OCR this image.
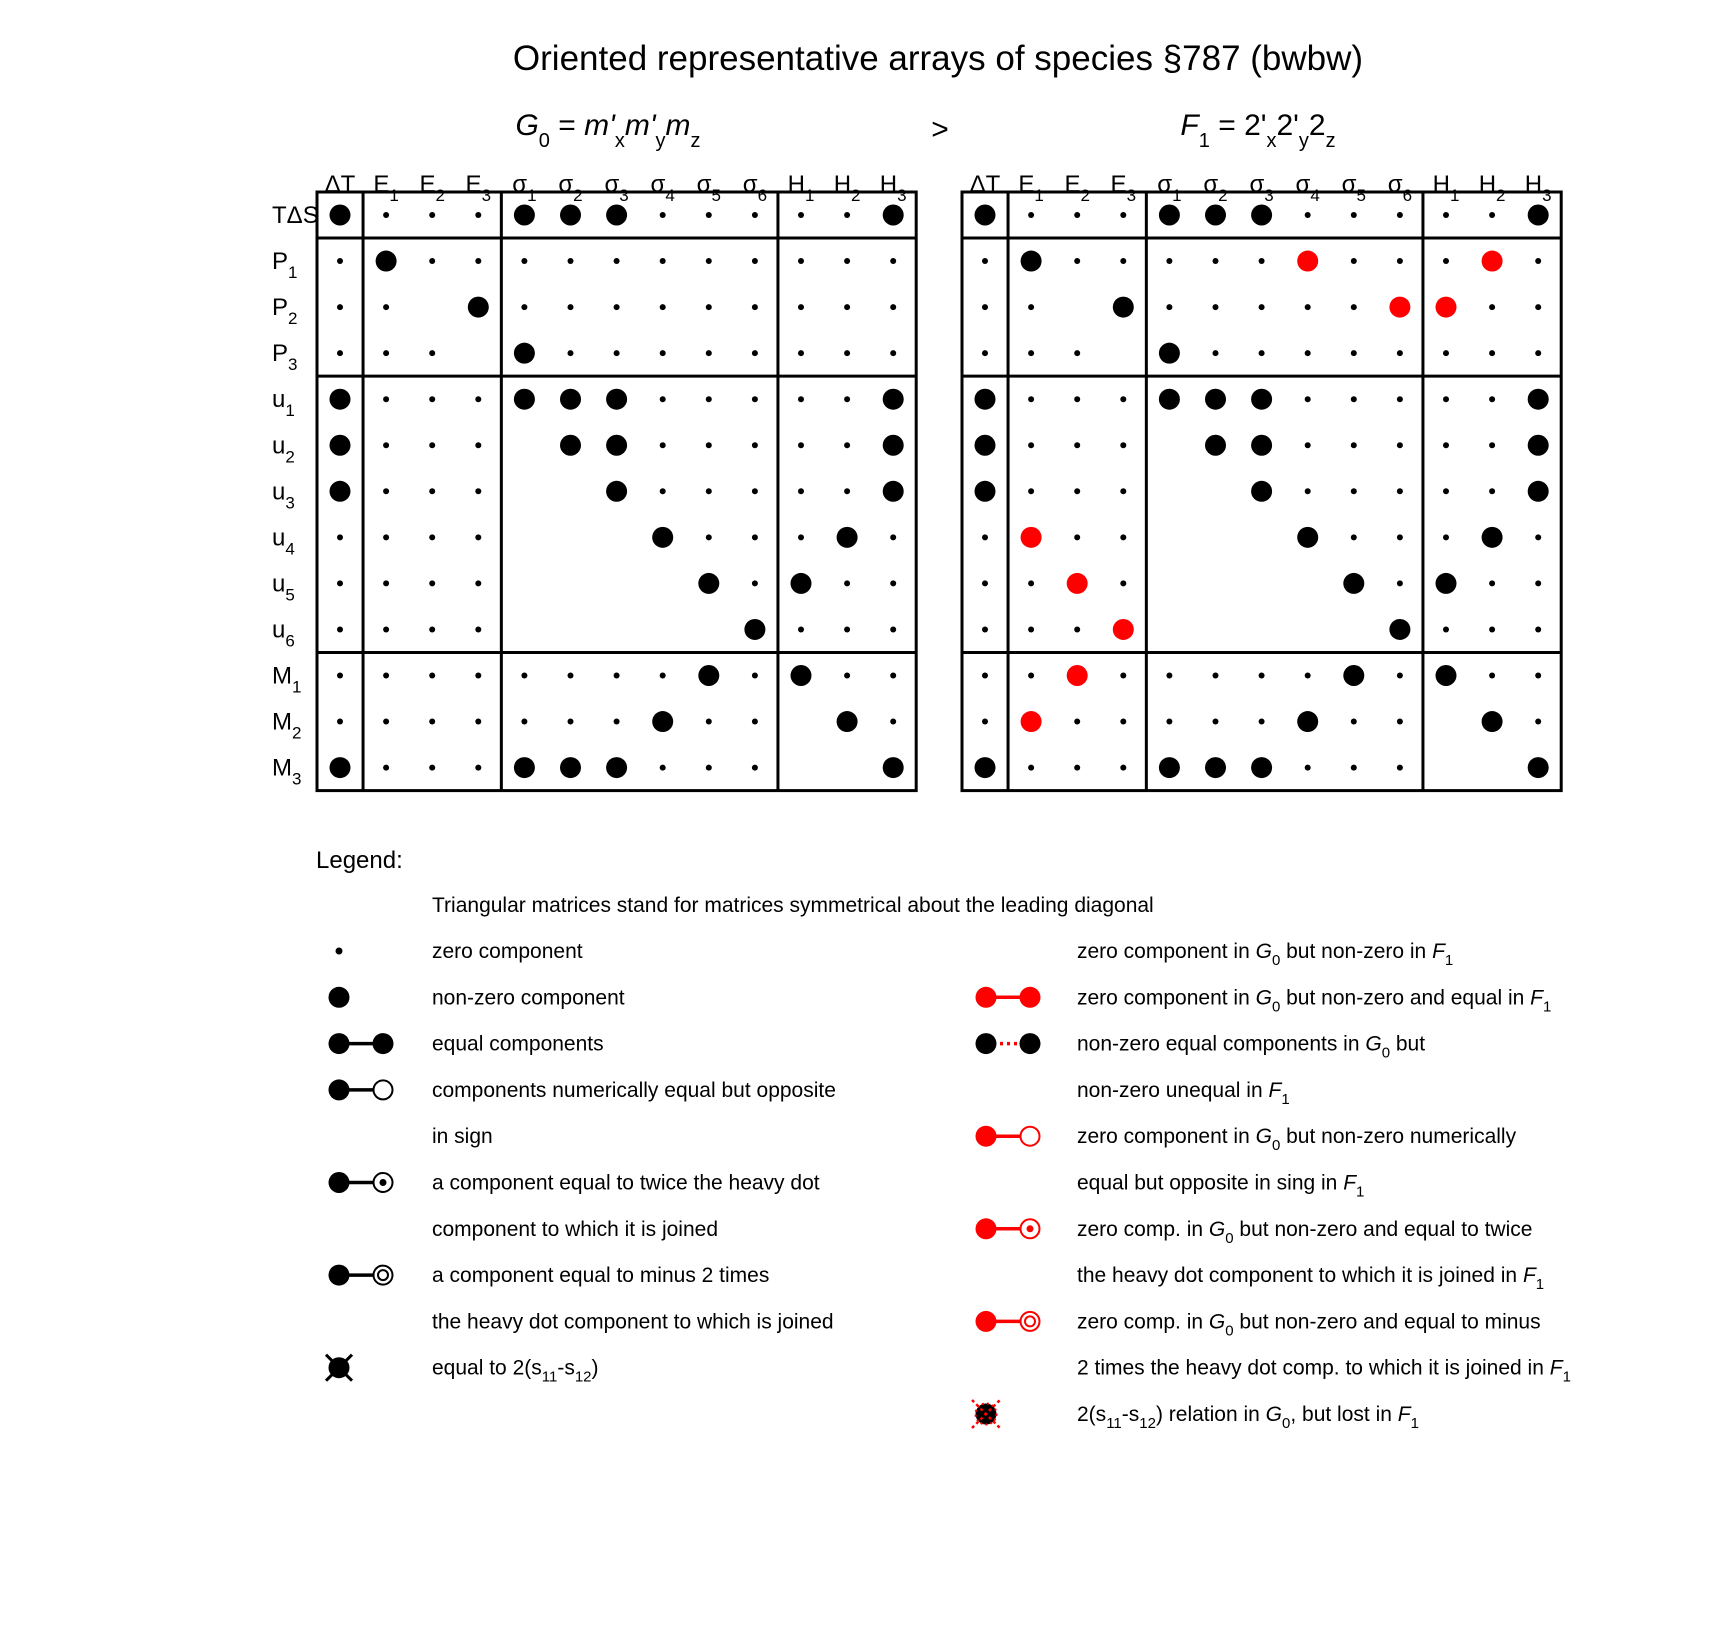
Oriented representative arrays of species §787 (bwbw)
>
$G_0 = m'_xm'_ym_z$	$F_1 = 2'_x2'_y2_z$
ΔT $E_1$ $E_2$ $E_3$ $\sigma_1$ $\sigma_2$ $\sigma_3$ $\sigma_4$ $\sigma_5$ $\sigma_6$ $H_1$ $H_2$ $H_3$
TΔS
$P_1$
$P_2$
$P_3$
$u_1$
$u_2$
$u_3$
$u_4$
$u_5$
$u_6$
$M_1$
$M_2$
$M_3$
ΔT $E_1$ $E_2$ $E_3$ $\sigma_1$ $\sigma_2$ $\sigma_3$ $\sigma_4$ $\sigma_5$ $\sigma_6$ $H_1$ $H_2$ $H_3$
Legend:
Triangular matrices stand for matrices symmetrical about the leading diagonal
zero component
non-zero component
equal components
components numerically equal but opposite
in sign
a component equal to twice the heavy dot
component to which it is joined
a component equal to minus 2 times
the heavy dot component to which is joined
equal to $2(s_{11}-s_{12})$
zero component in $G_0$ but non-zero in $F_1$
zero component in $G_0$ but non-zero and equal in $F_1$
non-zero equal components in $G_0$ but
non-zero unequal in $F_1$
zero component in $G_0$ but non-zero numerically
equal but opposite in sing in $F_1$
zero comp. in $G_0$ but non-zero and equal to twice
the heavy dot component to which it is joined in $F_1$
zero comp. in $G_0$ but non-zero and equal to minus
2 times the heavy dot comp. to which it is joined in $F_1$
$2(s_{11}-s_{12})$ relation in $G_0$, but lost in $F_1$
